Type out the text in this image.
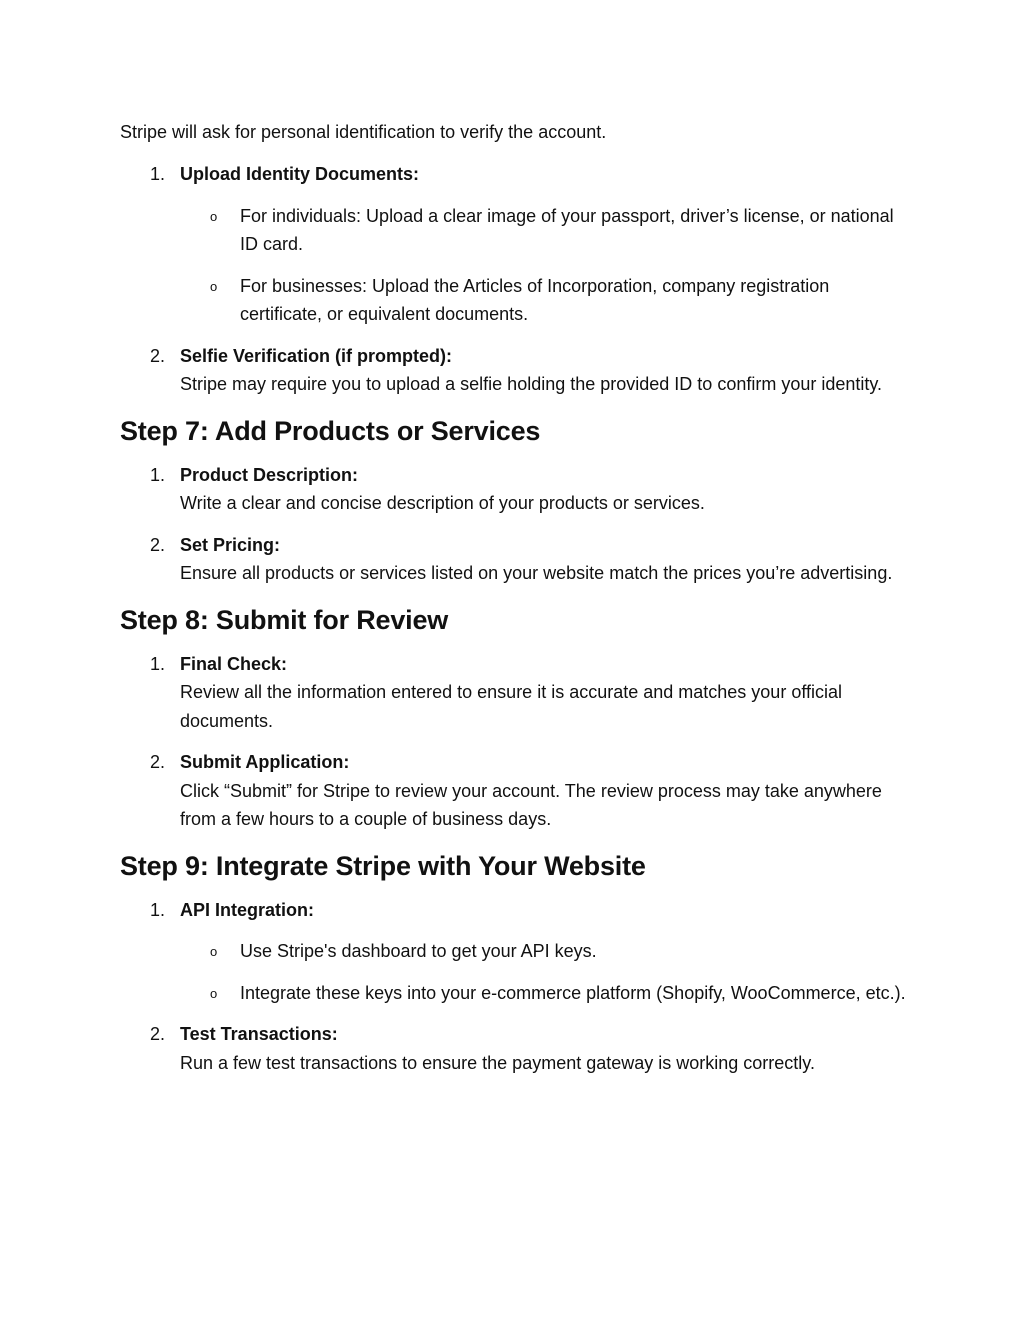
Stripe will ask for personal identification to verify the account.

1. Upload Identity Documents:
o For individuals: Upload a clear image of your passport, driver’s license, or national ID card.
o For businesses: Upload the Articles of Incorporation, company registration certificate, or equivalent documents.
2. Selfie Verification (if prompted):
Stripe may require you to upload a selfie holding the provided ID to confirm your identity.
Step 7: Add Products or Services
1. Product Description:
Write a clear and concise description of your products or services.
2. Set Pricing:
Ensure all products or services listed on your website match the prices you’re advertising.
Step 8: Submit for Review
1. Final Check:
Review all the information entered to ensure it is accurate and matches your official documents.
2. Submit Application:
Click “Submit” for Stripe to review your account. The review process may take anywhere from a few hours to a couple of business days.
Step 9: Integrate Stripe with Your Website
1. API Integration:
o Use Stripe's dashboard to get your API keys.
o Integrate these keys into your e-commerce platform (Shopify, WooCommerce, etc.).
2. Test Transactions:
Run a few test transactions to ensure the payment gateway is working correctly.
